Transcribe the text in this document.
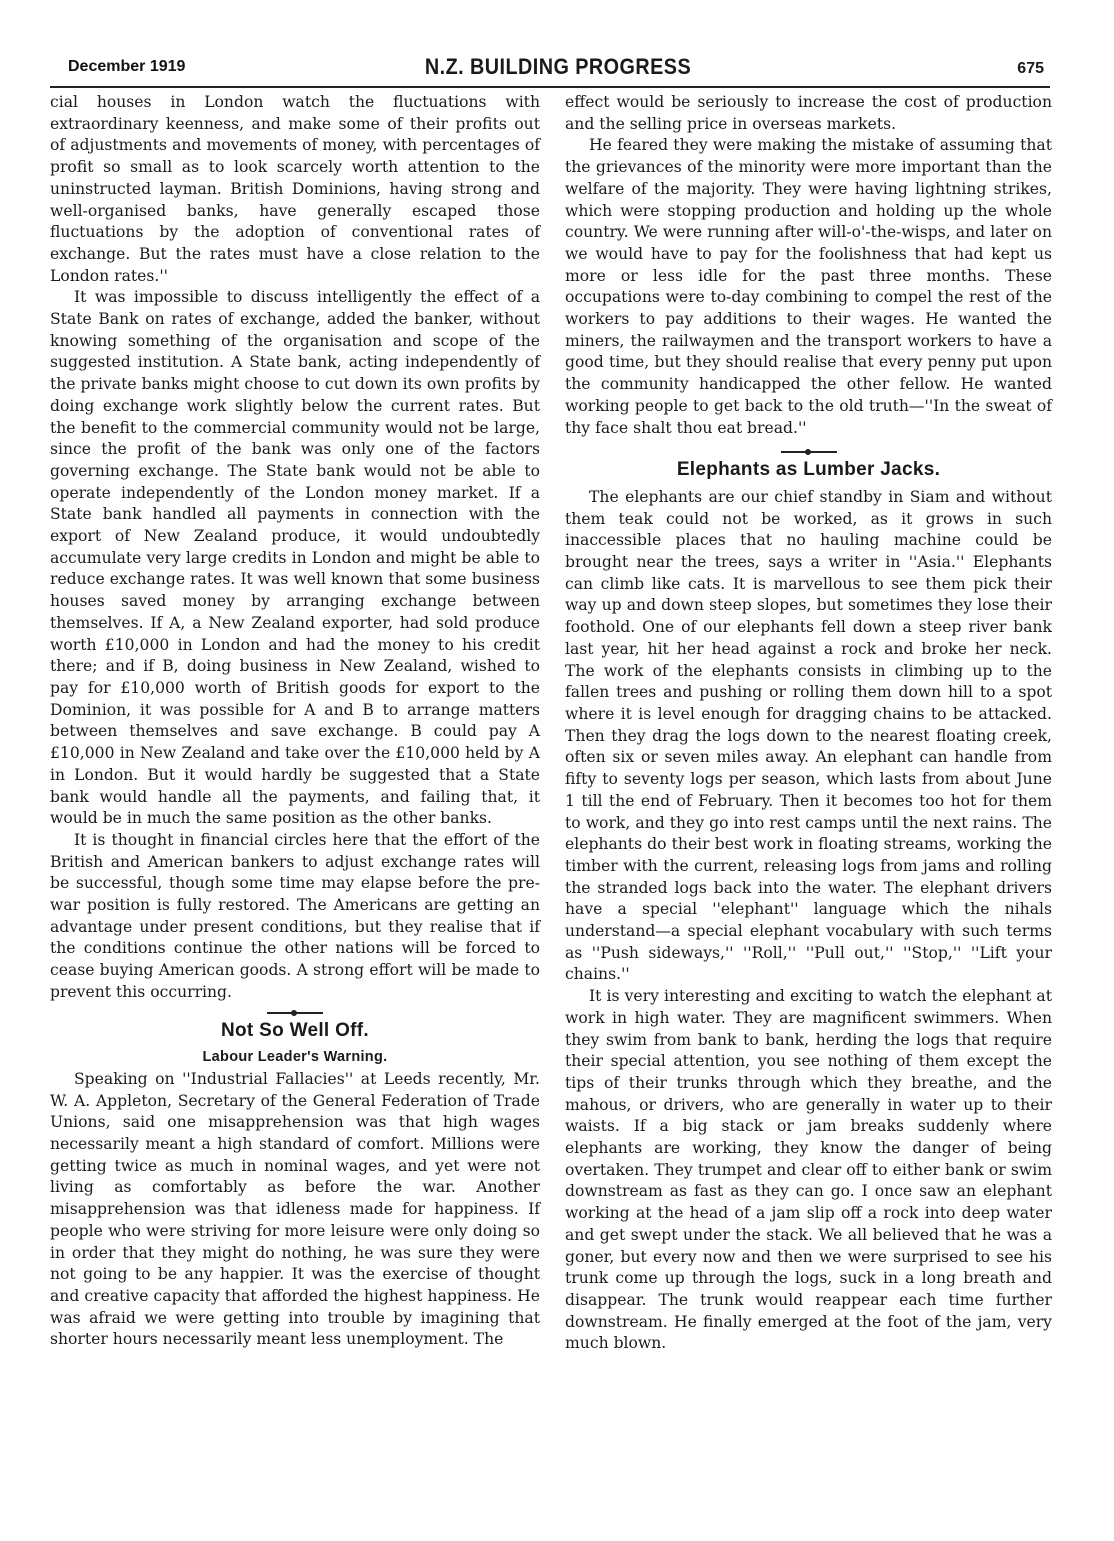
December 1919	N.Z. BUILDING PROGRESS	675

cial houses in London watch the fluctuations with extraordinary keenness, and make some of their profits out of adjustments and movements of money, with percentages of profit so small as to look scarcely worth attention to the uninstructed layman. British Dominions, having strong and well-organised banks, have generally escaped those fluctuations by the adoption of conventional rates of exchange. But the rates must have a close relation to the London rates.''

It was impossible to discuss intelligently the effect of a State Bank on rates of exchange, added the banker, without knowing something of the organisation and scope of the suggested institution. A State bank, acting independently of the private banks might choose to cut down its own profits by doing exchange work slightly below the current rates. But the benefit to the commercial community would not be large, since the profit of the bank was only one of the factors governing exchange. The State bank would not be able to operate independently of the London money market. If a State bank handled all payments in connection with the export of New Zealand produce, it would undoubtedly accumulate very large credits in London and might be able to reduce exchange rates. It was well known that some business houses saved money by arranging exchange between themselves. If A, a New Zealand exporter, had sold produce worth £10,000 in London and had the money to his credit there; and if B, doing business in New Zealand, wished to pay for £10,000 worth of British goods for export to the Dominion, it was possible for A and B to arrange matters between themselves and save exchange. B could pay A £10,000 in New Zealand and take over the £10,000 held by A in London. But it would hardly be suggested that a State bank would handle all the payments, and failing that, it would be in much the same position as the other banks.

It is thought in financial circles here that the effort of the British and American bankers to adjust exchange rates will be successful, though some time may elapse before the pre-war position is fully restored. The Americans are getting an advantage under present conditions, but they realise that if the conditions continue the other nations will be forced to cease buying American goods. A strong effort will be made to prevent this occurring.

Not So Well Off.
Labour Leader's Warning.

Speaking on ''Industrial Fallacies'' at Leeds recently, Mr. W. A. Appleton, Secretary of the General Federation of Trade Unions, said one misapprehension was that high wages necessarily meant a high standard of comfort. Millions were getting twice as much in nominal wages, and yet were not living as comfortably as before the war. Another misapprehension was that idleness made for happiness. If people who were striving for more leisure were only doing so in order that they might do nothing, he was sure they were not going to be any happier. It was the exercise of thought and creative capacity that afforded the highest happiness. He was afraid we were getting into trouble by imagining that shorter hours necessarily meant less unemployment. The

effect would be seriously to increase the cost of production and the selling price in overseas markets.

He feared they were making the mistake of assuming that the grievances of the minority were more important than the welfare of the majority. They were having lightning strikes, which were stopping production and holding up the whole country. We were running after will-o'-the-wisps, and later on we would have to pay for the foolishness that had kept us more or less idle for the past three months. These occupations were to-day combining to compel the rest of the workers to pay additions to their wages. He wanted the miners, the railwaymen and the transport workers to have a good time, but they should realise that every penny put upon the community handicapped the other fellow. He wanted working people to get back to the old truth—''In the sweat of thy face shalt thou eat bread.''

Elephants as Lumber Jacks.

The elephants are our chief standby in Siam and without them teak could not be worked, as it grows in such inaccessible places that no hauling machine could be brought near the trees, says a writer in ''Asia.'' Elephants can climb like cats. It is marvellous to see them pick their way up and down steep slopes, but sometimes they lose their foothold. One of our elephants fell down a steep river bank last year, hit her head against a rock and broke her neck. The work of the elephants consists in climbing up to the fallen trees and pushing or rolling them down hill to a spot where it is level enough for dragging chains to be attacked. Then they drag the logs down to the nearest floating creek, often six or seven miles away. An elephant can handle from fifty to seventy logs per season, which lasts from about June 1 till the end of February. Then it becomes too hot for them to work, and they go into rest camps until the next rains. The elephants do their best work in floating streams, working the timber with the current, releasing logs from jams and rolling the stranded logs back into the water. The elephant drivers have a special ''elephant'' language which the nihals understand—a special elephant vocabulary with such terms as ''Push sideways,'' ''Roll,'' ''Pull out,'' ''Stop,'' ''Lift your chains.''

It is very interesting and exciting to watch the elephant at work in high water. They are magnificent swimmers. When they swim from bank to bank, herding the logs that require their special attention, you see nothing of them except the tips of their trunks through which they breathe, and the mahous, or drivers, who are generally in water up to their waists. If a big stack or jam breaks suddenly where elephants are working, they know the danger of being overtaken. They trumpet and clear off to either bank or swim downstream as fast as they can go. I once saw an elephant working at the head of a jam slip off a rock into deep water and get swept under the stack. We all believed that he was a goner, but every now and then we were surprised to see his trunk come up through the logs, suck in a long breath and disappear. The trunk would reappear each time further downstream. He finally emerged at the foot of the jam, very much blown.
